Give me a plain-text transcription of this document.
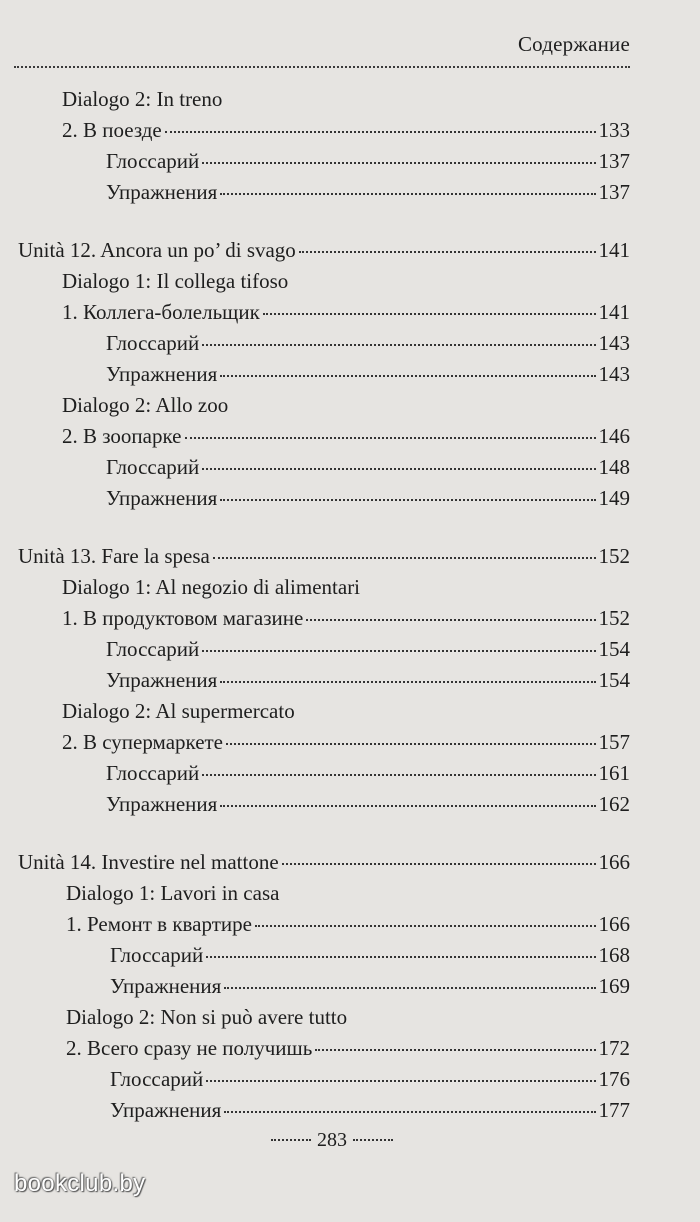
Содержание
Dialogo 2: In treno
2. В поезде	133
Глоссарий	137
Упражнения	137
Unità 12. Ancora un po’ di svago	141
Dialogo 1: Il collega tifoso
1. Коллега-болельщик	141
Глоссарий	143
Упражнения	143
Dialogo 2: Allo zoo
2. В зоопарке	146
Глоссарий	148
Упражнения	149
Unità 13. Fare la spesa	152
Dialogo 1: Al negozio di alimentari
1. В продуктовом магазине	152
Глоссарий	154
Упражнения	154
Dialogo 2: Al supermercato
2. В супермаркете	157
Глоссарий	161
Упражнения	162
Unità 14. Investire nel mattone	166
Dialogo 1: Lavori in casa
1. Ремонт в квартире	166
Глоссарий	168
Упражнения	169
Dialogo 2: Non si può avere tutto
2. Всего сразу не получишь	172
Глоссарий	176
Упражнения	177
283
bookclub.by
